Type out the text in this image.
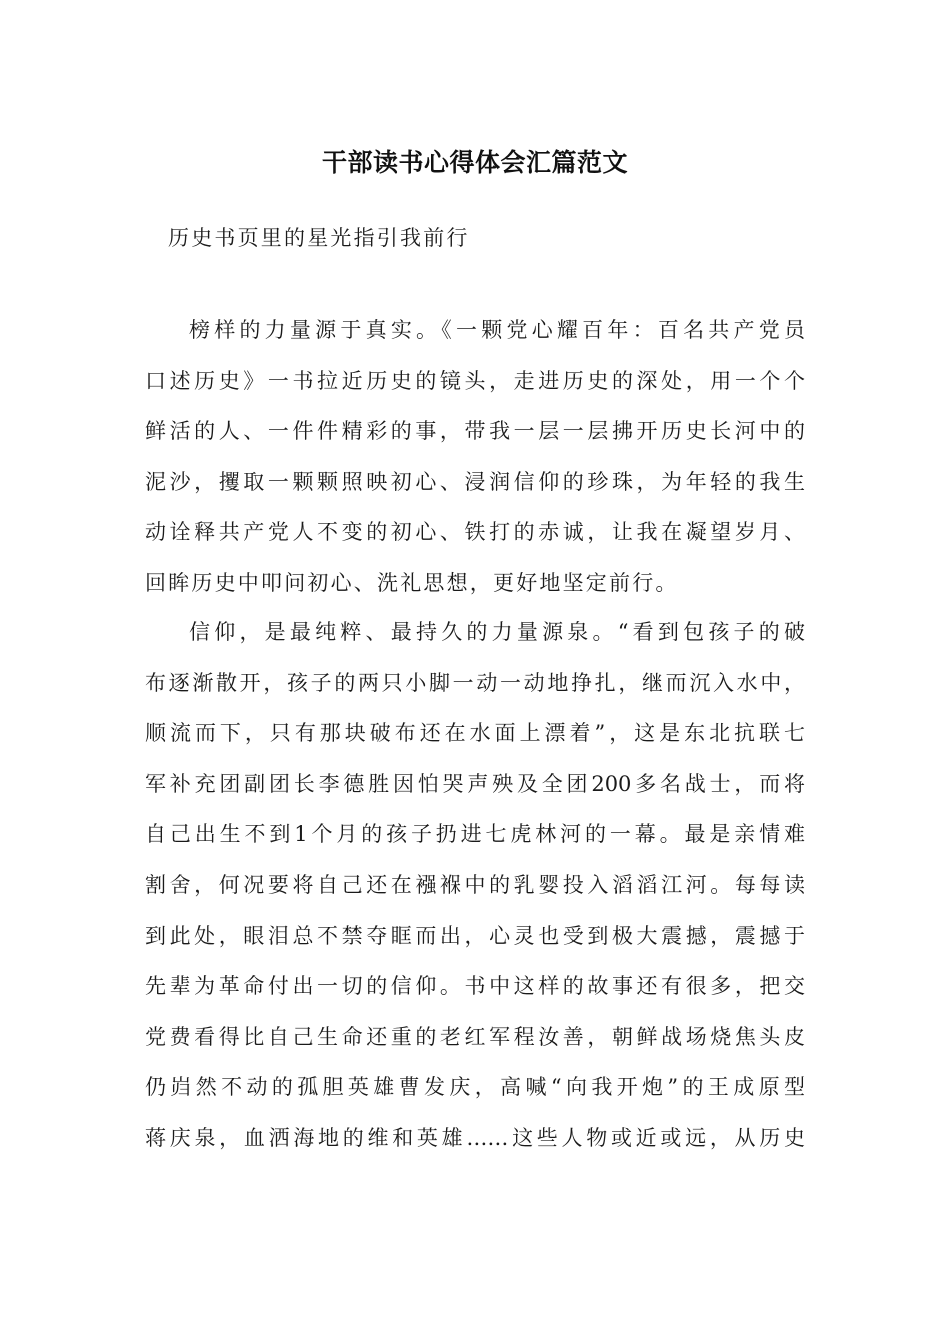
干部读书心得体会汇篇范文
历史书页里的星光指引我前行
榜样的力量源于真实。《一颗党心耀百年：百名共产党员
口述历史》一书拉近历史的镜头，走进历史的深处，用一个个
鲜活的人、一件件精彩的事，带我一层一层拂开历史长河中的
泥沙，攫取一颗颗照映初心、浸润信仰的珍珠，为年轻的我生
动诠释共产党人不变的初心、铁打的赤诚，让我在凝望岁月、
回眸历史中叩问初心、洗礼思想，更好地坚定前行。
信仰，是最纯粹、最持久的力量源泉。“看到包孩子的破
布逐渐散开，孩子的两只小脚一动一动地挣扎，继而沉入水中，
顺流而下，只有那块破布还在水面上漂着”，这是东北抗联七
军补充团副团长李德胜因怕哭声殃及全团200多名战士，而将
自己出生不到1个月的孩子扔进七虎林河的一幕。最是亲情难
割舍，何况要将自己还在襁褓中的乳婴投入滔滔江河。每每读
到此处，眼泪总不禁夺眶而出，心灵也受到极大震撼，震撼于
先辈为革命付出一切的信仰。书中这样的故事还有很多，把交
党费看得比自己生命还重的老红军程汝善，朝鲜战场烧焦头皮
仍岿然不动的孤胆英雄曹发庆，高喊“向我开炮”的王成原型
蒋庆泉，血洒海地的维和英雄……这些人物或近或远，从历史
